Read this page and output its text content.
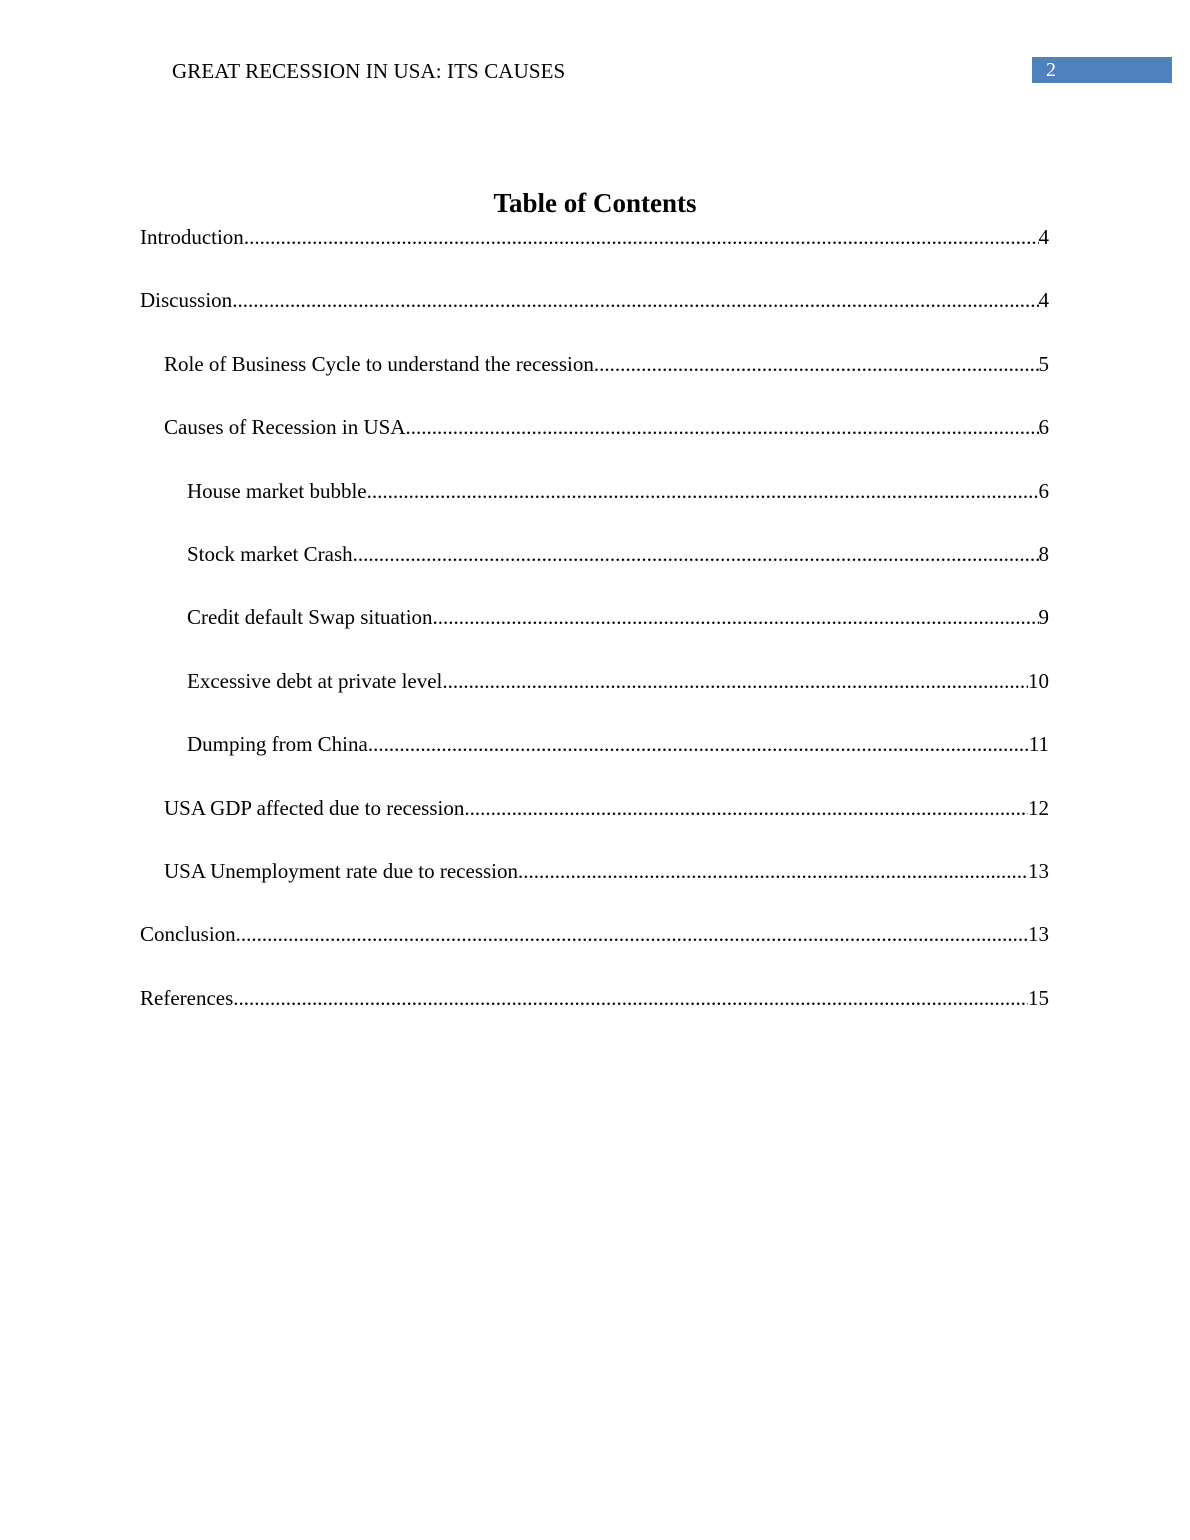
GREAT RECESSION IN USA: ITS CAUSES	2
Table of Contents
Introduction .....	4
Discussion .....	4
Role of Business Cycle to understand the recession .....	5
Causes of Recession in USA .....	6
House market bubble .....	6
Stock market Crash .....	8
Credit default Swap situation .....	9
Excessive debt at private level .....	10
Dumping from China .....	11
USA GDP affected due to recession .....	12
USA Unemployment rate due to recession .....	13
Conclusion .....	13
References .....	15
